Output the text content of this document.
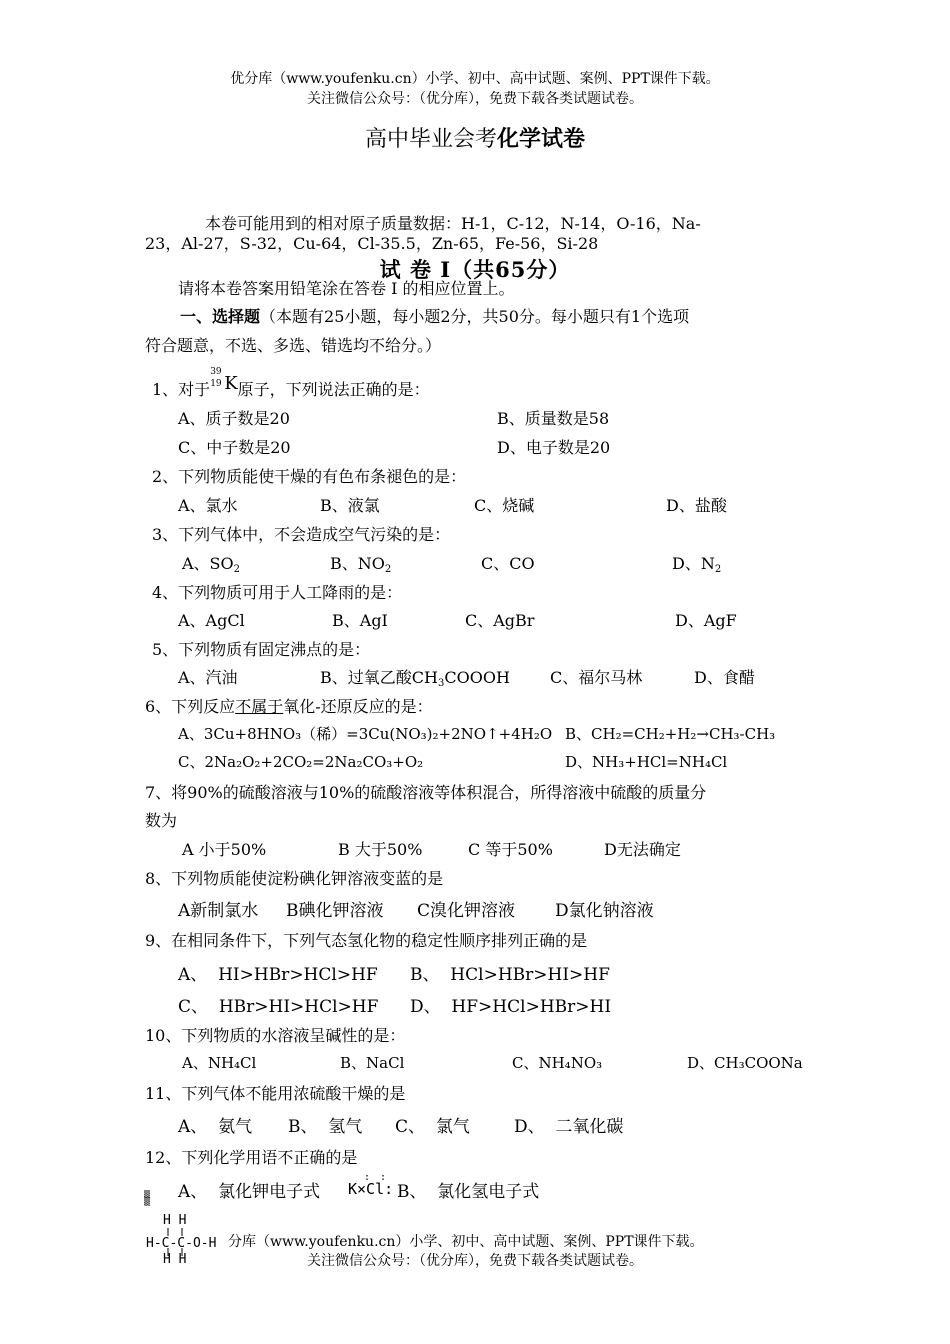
优分库（www.youfenku.cn）小学、初中、高中试题、案例、PPT课件下载。
关注微信公众号：（优分库），免费下载各类试题试卷。
高中毕业会考化学试卷
本卷可能用到的相对原子质量数据：H-1，C-12，N-14，O-16，Na-
23，Al-27，S-32，Cu-64，Cl-35.5，Zn-65，Fe-56，Si-28
试 卷 I（共65分）
请将本卷答案用铅笔涂在答卷 I 的相应位置上。
一、选择题（本题有25小题，每小题2分，共50分。每小题只有1个选项
符合题意，不选、多选、错选均不给分。）
1、对于
39
19 K原子，下列说法正确的是：
A、质子数是20	B、质量数是58
C、中子数是20	D、电子数是20
2、下列物质能使干燥的有色布条褪色的是：
A、氯水	B、液氯	C、烧碱	D、盐酸
3、下列气体中，不会造成空气污染的是：
A、$SO_2$	B、$NO_2$	C、CO	D、$N_2$
4、下列物质可用于人工降雨的是：
A、AgCl	B、AgI	C、AgBr	D、AgF
5、下列物质有固定沸点的是：
A、汽油	B、过氧乙酸$CH_3COOOH$	C、福尔马林	D、食醋
6、下列反应不属于氧化-还原反应的是：
A、3Cu+8HNO₃（稀）=3Cu(NO₃)₂+2NO↑+4H₂O B、CH₂=CH₂+H₂→CH₃-CH₃
C、2Na₂O₂+2CO₂=2Na₂CO₃+O₂	D、NH₃+HCl=NH₄Cl
7、将90%的硫酸溶液与10%的硫酸溶液等体积混合，所得溶液中硫酸的质量分
数为
A 小于50%	B 大于50%	C 等于50%	D无法确定
8、下列物质能使淀粉碘化钾溶液变蓝的是
A新制氯水 B碘化钾溶液 C溴化钾溶液 D氯化钠溶液
9、在相同条件下，下列气态氢化物的稳定性顺序排列正确的是
A、  HI>HBr>HCl>HF B、  HCl>HBr>HI>HF
C、  HBr>HI>HCl>HF D、  HF>HCl>HBr>HI
10、下列物质的水溶液呈碱性的是：
A、NH₄Cl	B、NaCl	C、NH₄NO₃	D、CH₃COONa
11、下列气体不能用浓硫酸干燥的是
A、  氨气 B、  氢气 C、  氯气	D、  二氧化碳
12、下列化学用语不正确的是
A、  氯化钾电子式 K×Cl:
: :
B、  氯化氢电子式
▒
▒
H H
H-C-C-O-H
H H
分库（www.youfenku.cn）小学、初中、高中试题、案例、PPT课件下载。
关注微信公众号：（优分库），免费下载各类试题试卷。
